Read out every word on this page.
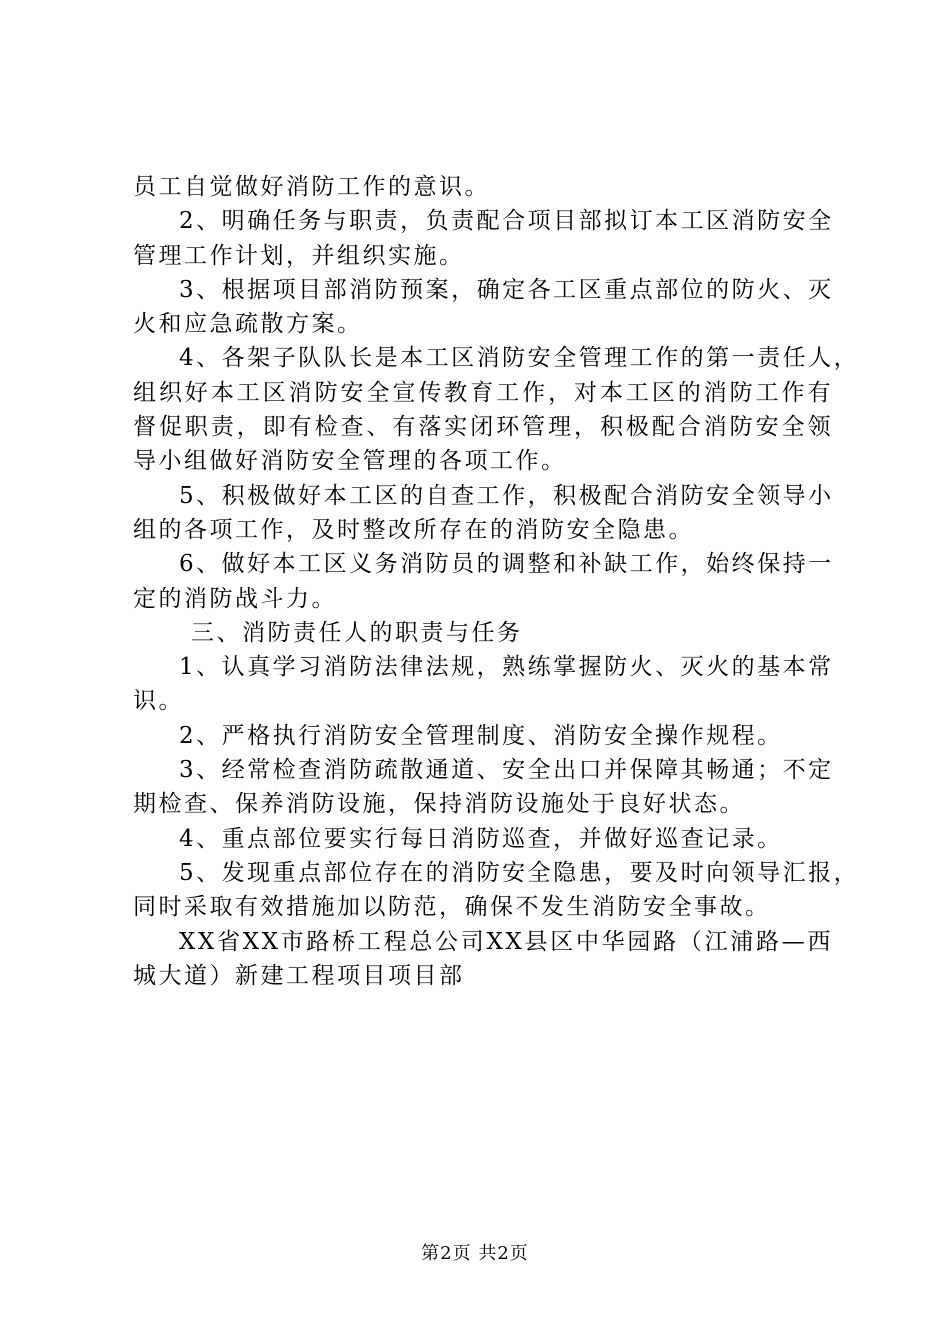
员工自觉做好消防工作的意识。
2、明确任务与职责，负责配合项目部拟订本工区消防安全
管理工作计划，并组织实施。
3、根据项目部消防预案，确定各工区重点部位的防火、灭
火和应急疏散方案。
4、各架子队队长是本工区消防安全管理工作的第一责任人，
组织好本工区消防安全宣传教育工作，对本工区的消防工作有
督促职责，即有检查、有落实闭环管理，积极配合消防安全领
导小组做好消防安全管理的各项工作。
5、积极做好本工区的自查工作，积极配合消防安全领导小
组的各项工作，及时整改所存在的消防安全隐患。
6、做好本工区义务消防员的调整和补缺工作，始终保持一
定的消防战斗力。
三、消防责任人的职责与任务
1、认真学习消防法律法规，熟练掌握防火、灭火的基本常
识。
2、严格执行消防安全管理制度、消防安全操作规程。
3、经常检查消防疏散通道、安全出口并保障其畅通；不定
期检查、保养消防设施，保持消防设施处于良好状态。
4、重点部位要实行每日消防巡查，并做好巡查记录。
5、发现重点部位存在的消防安全隐患，要及时向领导汇报，
同时采取有效措施加以防范，确保不发生消防安全事故。
XX省XX市路桥工程总公司XX县区中华园路（江浦路—西
城大道）新建工程项目项目部
第2页 共2页
